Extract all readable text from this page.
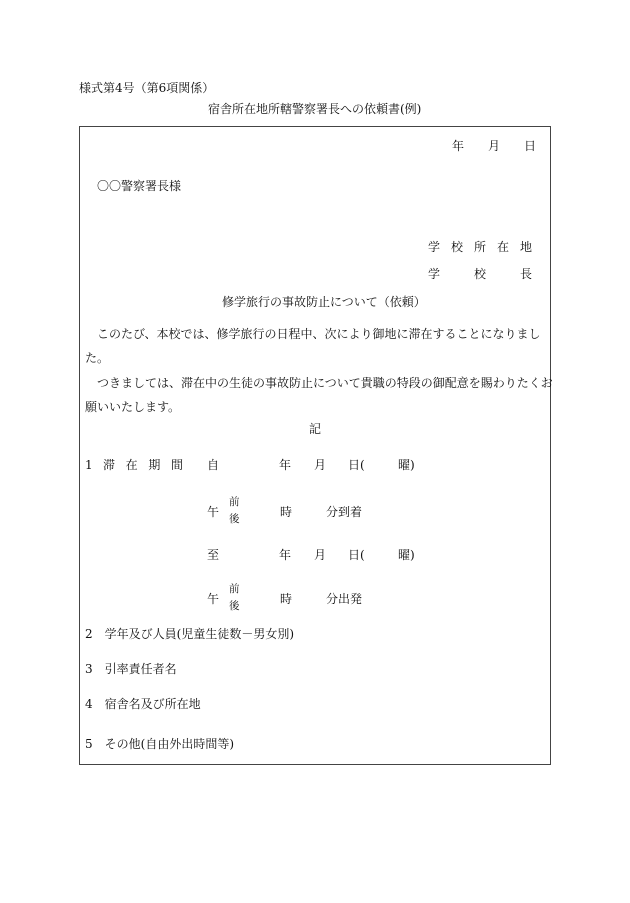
様式第4号（第6項関係）
宿舎所在地所轄警察署長への依頼書(例)
年 月 日
〇〇警察署長様
学 校 所 在 地
学	校	長
修学旅行の事故防止について（依頼）
このたび、本校では、修学旅行の日程中、次により御地に滞在することになりまし
た。
つきましては、滞在中の生徒の事故防止について貴職の特段の御配意を賜わりたくお
願いいたします。
記
1 滞 在 期 間 自	年 月 日(	曜)
午
前
後	時	分到着
至	年 月 日(	曜)
午
前
後	時	分出発
2　学年及び人員(児童生徒数－男女別)
3　引率責任者名
4　宿舎名及び所在地
5　その他(自由外出時間等)
